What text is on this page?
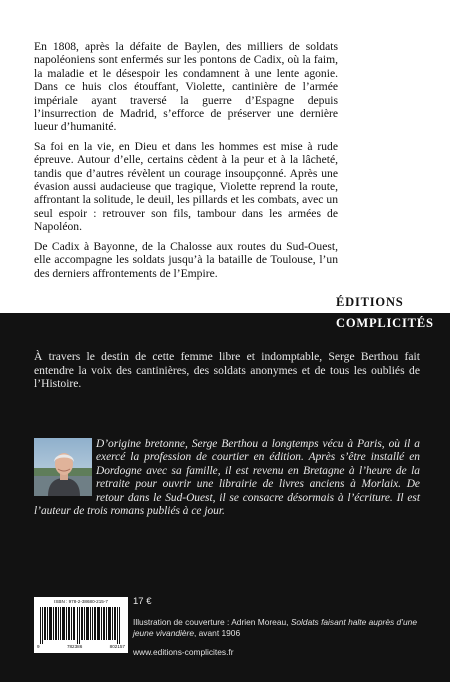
En 1808, après la défaite de Baylen, des milliers de soldats napoléoniens sont enfermés sur les pontons de Cadix, où la faim, la maladie et le désespoir les condamnent à une lente agonie. Dans ce huis clos étouffant, Violette, cantinière de l’armée impériale ayant traversé la guerre d’Espagne depuis l’insurrection de Madrid, s’efforce de préserver une dernière lueur d’humanité.

Sa foi en la vie, en Dieu et dans les hommes est mise à rude épreuve. Autour d’elle, certains cèdent à la peur et à la lâcheté, tandis que d’autres révèlent un courage insoupçonné. Après une évasion aussi audacieuse que tragique, Violette reprend la route, affrontant la solitude, le deuil, les pillards et les combats, avec un seul espoir : retrouver son fils, tambour dans les armées de Napoléon.

De Cadix à Bayonne, de la Chalosse aux routes du Sud-Ouest, elle accompagne les soldats jusqu’à la bataille de Toulouse, l’un des derniers affrontements de l’Empire.

ÉDITIONS
COMPLICITÉS

À travers le destin de cette femme libre et indomptable, Serge Berthou fait entendre la voix des cantinières, des soldats anonymes et de tous les oubliés de l’Histoire.

D’origine bretonne, Serge Berthou a longtemps vécu à Paris, où il a exercé la profession de courtier en édition. Après s’être installé en Dordogne avec sa famille, il est revenu en Bretagne à l’heure de la retraite pour ouvrir une librairie de livres anciens à Morlaix. De retour dans le Sud-Ouest, il se consacre désormais à l’écriture. Il est l’auteur de trois romans publiés à ce jour.

ISBN : 978-2-38680-215-7
9	782386	802157
17 €

Illustration de couverture : Adrien Moreau, Soldats faisant halte auprès d’une jeune vivandière, avant 1906

www.editions-complicites.fr
